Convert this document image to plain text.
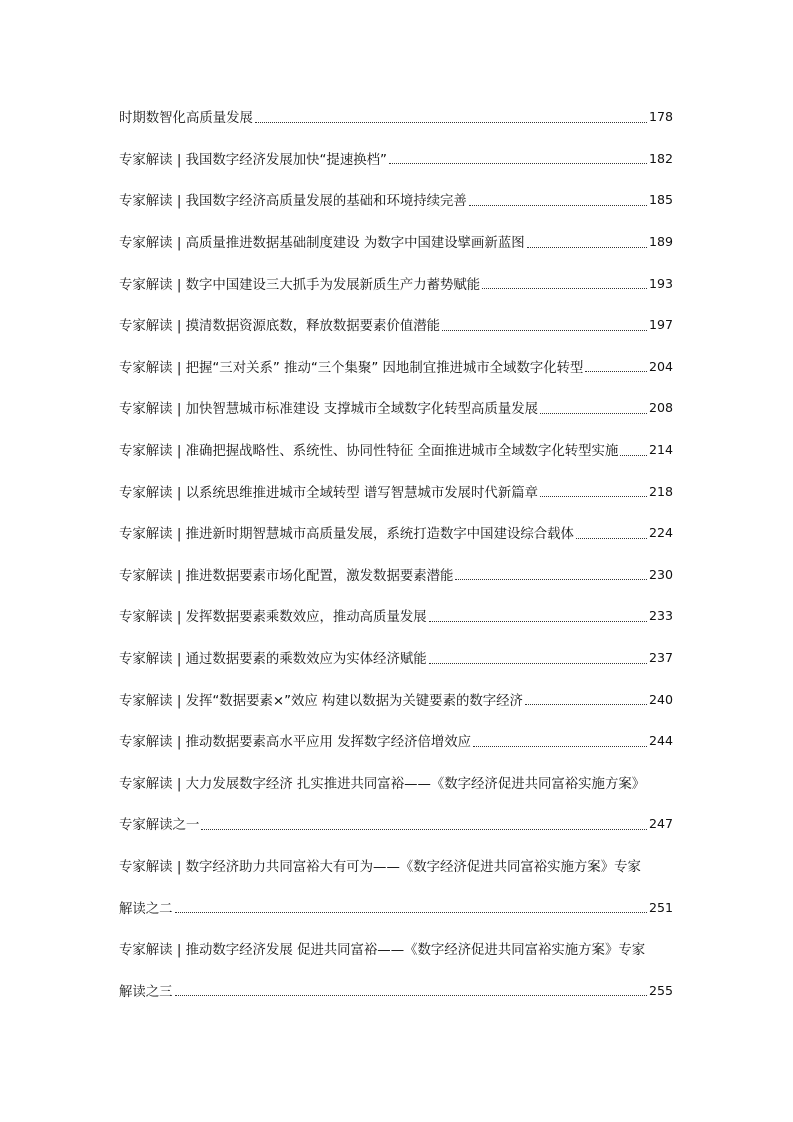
时期数智化高质量发展	178
专家解读 | 我国数字经济发展加快“提速换档”	182
专家解读 | 我国数字经济高质量发展的基础和环境持续完善	185
专家解读 | 高质量推进数据基础制度建设 为数字中国建设擘画新蓝图	189
专家解读 | 数字中国建设三大抓手为发展新质生产力蓄势赋能	193
专家解读 | 摸清数据资源底数，释放数据要素价值潜能	197
专家解读 | 把握“三对关系” 推动“三个集聚” 因地制宜推进城市全域数字化转型	204
专家解读 | 加快智慧城市标准建设 支撑城市全域数字化转型高质量发展	208
专家解读 | 准确把握战略性、系统性、协同性特征 全面推进城市全域数字化转型实施 214
专家解读 | 以系统思维推进城市全域转型 谱写智慧城市发展时代新篇章	218
专家解读 | 推进新时期智慧城市高质量发展，系统打造数字中国建设综合载体	224
专家解读 | 推进数据要素市场化配置，激发数据要素潜能	230
专家解读 | 发挥数据要素乘数效应，推动高质量发展	233
专家解读 | 通过数据要素的乘数效应为实体经济赋能	237
专家解读 | 发挥“数据要素×”效应 构建以数据为关键要素的数字经济	240
专家解读 | 推动数据要素高水平应用 发挥数字经济倍增效应	244
专家解读 | 大力发展数字经济 扎实推进共同富裕——《数字经济促进共同富裕实施方案》
专家解读之一	247
专家解读 | 数字经济助力共同富裕大有可为——《数字经济促进共同富裕实施方案》专家
解读之二	251
专家解读 | 推动数字经济发展 促进共同富裕——《数字经济促进共同富裕实施方案》专家
解读之三	255
